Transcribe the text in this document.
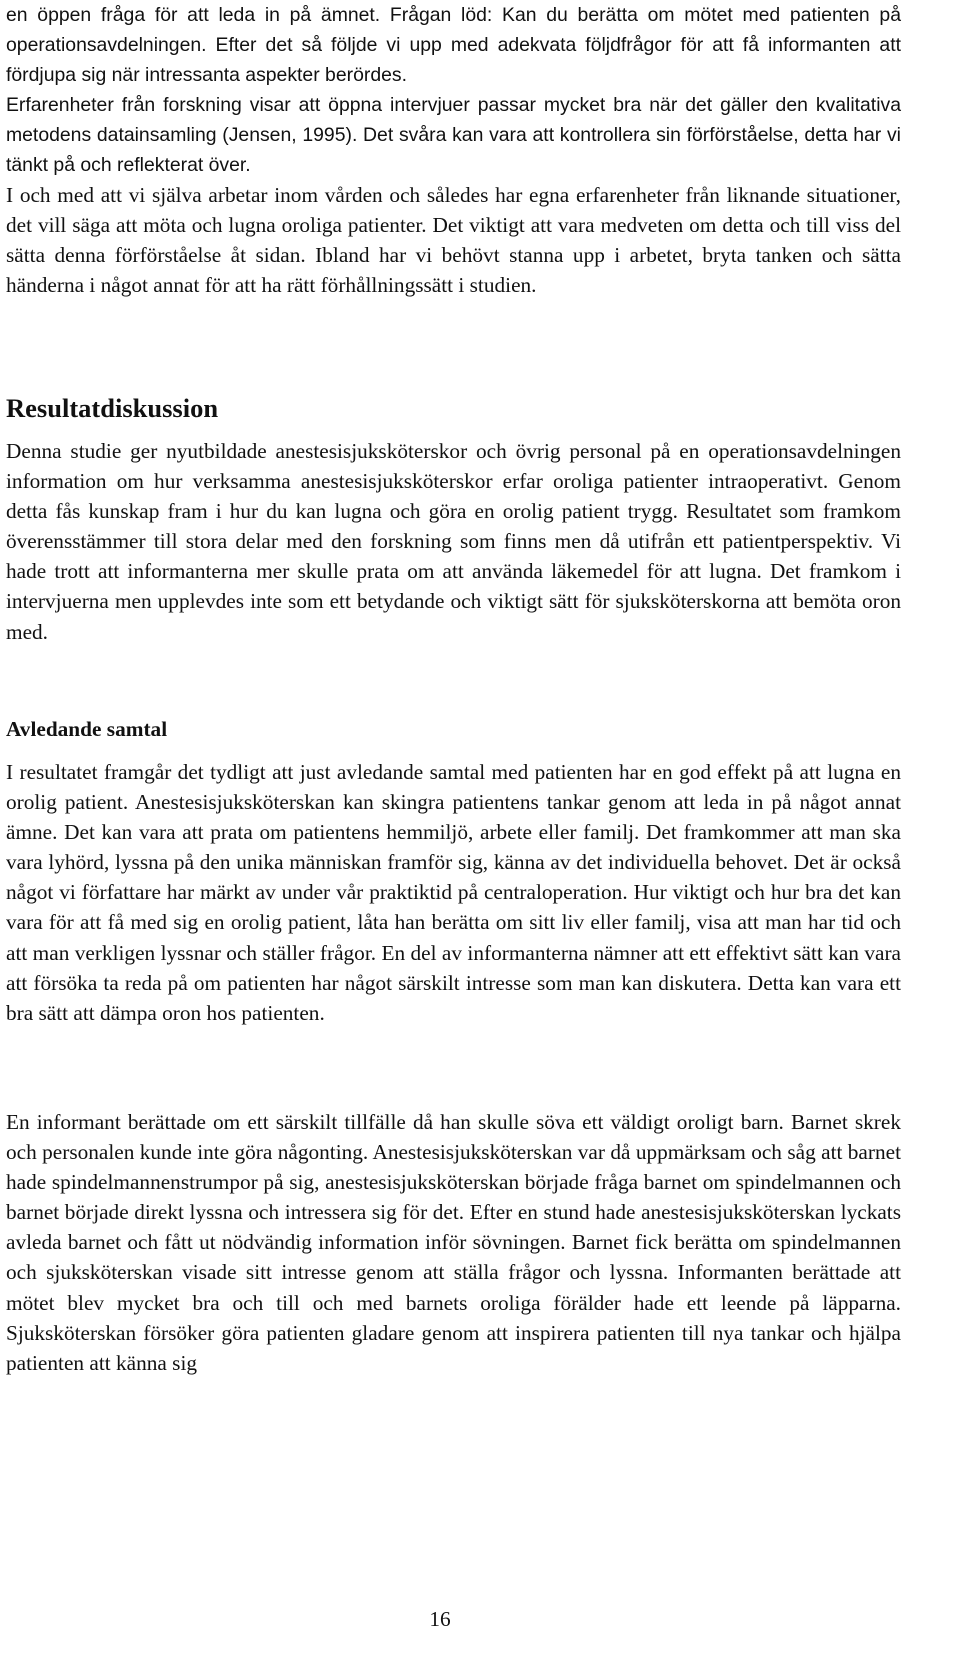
en öppen fråga för att leda in på ämnet. Frågan löd: Kan du berätta om mötet med patienten på operationsavdelningen. Efter det så följde vi upp med adekvata följdfrågor för att få informanten att fördjupa sig när intressanta aspekter berördes.

Erfarenheter från forskning visar att öppna intervjuer passar mycket bra när det gäller den kvalitativa metodens datainsamling (Jensen, 1995). Det svåra kan vara att kontrollera sin förförståelse, detta har vi tänkt på och reflekterat över.

I och med att vi själva arbetar inom vården och således har egna erfarenheter från liknande situationer, det vill säga att möta och lugna oroliga patienter. Det viktigt att vara medveten om detta och till viss del sätta denna förförståelse åt sidan. Ibland har vi behövt stanna upp i arbetet, bryta tanken och sätta händerna i något annat för att ha rätt förhållningssätt i studien.

Resultatdiskussion

Denna studie ger nyutbildade anestesisjuksköterskor och övrig personal på en operationsavdelningen information om hur verksamma anestesisjuksköterskor erfar oroliga patienter intraoperativt. Genom detta fås kunskap fram i hur du kan lugna och göra en orolig patient trygg. Resultatet som framkom överensstämmer till stora delar med den forskning som finns men då utifrån ett patientperspektiv. Vi hade trott att informanterna mer skulle prata om att använda läkemedel för att lugna. Det framkom i intervjuerna men upplevdes inte som ett betydande och viktigt sätt för sjuksköterskorna att bemöta oron med.

Avledande samtal

I resultatet framgår det tydligt att just avledande samtal med patienten har en god effekt på att lugna en orolig patient. Anestesisjuksköterskan kan skingra patientens tankar genom att leda in på något annat ämne. Det kan vara att prata om patientens hemmiljö, arbete eller familj. Det framkommer att man ska vara lyhörd, lyssna på den unika människan framför sig, känna av det individuella behovet. Det är också något vi författare har märkt av under vår praktiktid på centraloperation. Hur viktigt och hur bra det kan vara för att få med sig en orolig patient, låta han berätta om sitt liv eller familj, visa att man har tid och att man verkligen lyssnar och ställer frågor. En del av informanterna nämner att ett effektivt sätt kan vara att försöka ta reda på om patienten har något särskilt intresse som man kan diskutera. Detta kan vara ett bra sätt att dämpa oron hos patienten.

En informant berättade om ett särskilt tillfälle då han skulle söva ett väldigt oroligt barn. Barnet skrek och personalen kunde inte göra någonting. Anestesisjuksköterskan var då uppmärksam och såg att barnet hade spindelmannenstrumpor på sig, anestesisjuksköterskan började fråga barnet om spindelmannen och barnet började direkt lyssna och intressera sig för det. Efter en stund hade anestesisjuksköterskan lyckats avleda barnet och fått ut nödvändig information inför sövningen. Barnet fick berätta om spindelmannen och sjuksköterskan visade sitt intresse genom att ställa frågor och lyssna. Informanten berättade att mötet blev mycket bra och till och med barnets oroliga förälder hade ett leende på läpparna. Sjuksköterskan försöker göra patienten gladare genom att inspirera patienten till nya tankar och hjälpa patienten att känna sig

16
